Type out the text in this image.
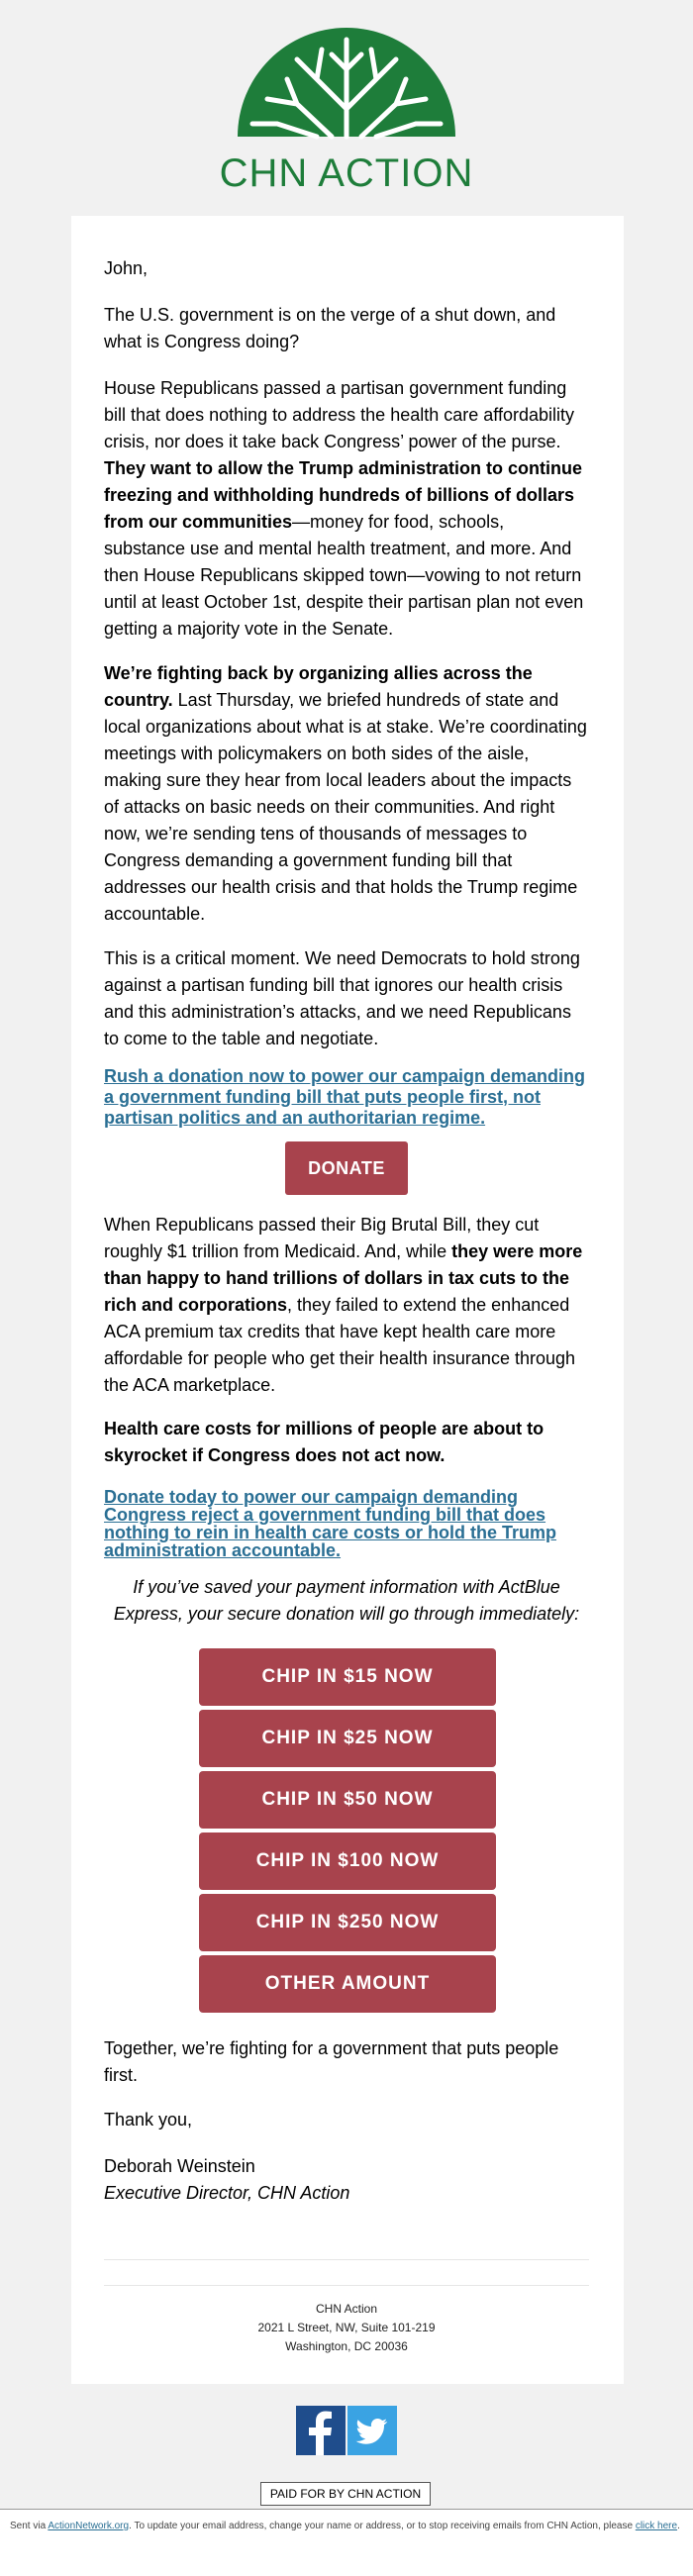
CHN ACTION

John,

The U.S. government is on the verge of a shut down, and what is Congress doing?

House Republicans passed a partisan government funding bill that does nothing to address the health care affordability crisis, nor does it take back Congress’ power of the purse. They want to allow the Trump administration to continue freezing and withholding hundreds of billions of dollars from our communities—money for food, schools, substance use and mental health treatment, and more. And then House Republicans skipped town—vowing to not return until at least October 1st, despite their partisan plan not even getting a majority vote in the Senate.

We’re fighting back by organizing allies across the country. Last Thursday, we briefed hundreds of state and local organizations about what is at stake. We’re coordinating meetings with policymakers on both sides of the aisle, making sure they hear from local leaders about the impacts of attacks on basic needs on their communities. And right now, we’re sending tens of thousands of messages to Congress demanding a government funding bill that addresses our health crisis and that holds the Trump regime accountable.

This is a critical moment. We need Democrats to hold strong against a partisan funding bill that ignores our health crisis and this administration’s attacks, and we need Republicans to come to the table and negotiate.

Rush a donation now to power our campaign demanding a government funding bill that puts people first, not partisan politics and an authoritarian regime.

DONATE

When Republicans passed their Big Brutal Bill, they cut roughly $1 trillion from Medicaid. And, while they were more than happy to hand trillions of dollars in tax cuts to the rich and corporations, they failed to extend the enhanced ACA premium tax credits that have kept health care more affordable for people who get their health insurance through the ACA marketplace.

Health care costs for millions of people are about to skyrocket if Congress does not act now.

Donate today to power our campaign demanding Congress reject a government funding bill that does nothing to rein in health care costs or hold the Trump administration accountable.

If you’ve saved your payment information with ActBlue Express, your secure donation will go through immediately:

CHIP IN $15 NOW
CHIP IN $25 NOW
CHIP IN $50 NOW
CHIP IN $100 NOW
CHIP IN $250 NOW
OTHER AMOUNT

Together, we’re fighting for a government that puts people first.

Thank you,

Deborah Weinstein

Executive Director, CHN Action

CHN Action
2021 L Street, NW, Suite 101-219
Washington, DC 20036
PAID FOR BY CHN ACTION
Sent via ActionNetwork.org. To update your email address, change your name or address, or to stop receiving emails from CHN Action, please click here.
